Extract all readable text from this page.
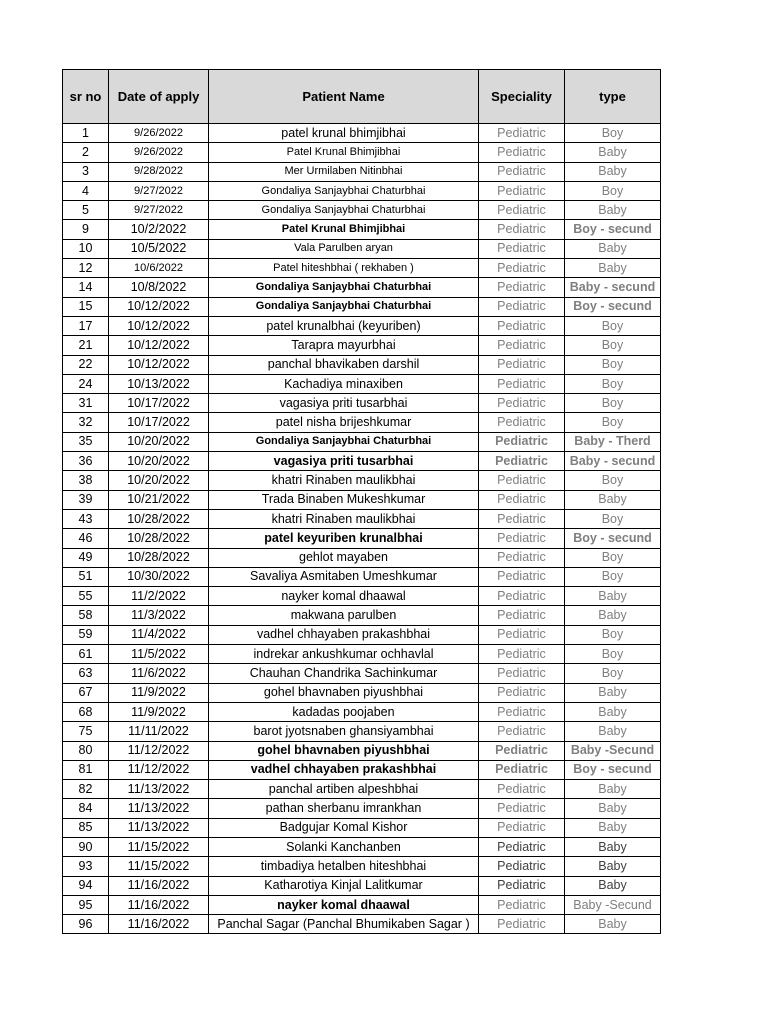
sr no	Date of apply	Patient Name	Speciality	type
1	9/26/2022	patel krunal bhimjibhai	Pediatric	Boy
2	9/26/2022	Patel Krunal Bhimjibhai	Pediatric	Baby
3	9/28/2022	Mer Urmilaben Nitinbhai	Pediatric	Baby
4	9/27/2022	Gondaliya Sanjaybhai Chaturbhai	Pediatric	Boy
5	9/27/2022	Gondaliya Sanjaybhai Chaturbhai	Pediatric	Baby
9	10/2/2022	Patel Krunal Bhimjibhai	Pediatric	Boy - secund
10	10/5/2022	Vala Parulben aryan	Pediatric	Baby
12	10/6/2022	Patel hiteshbhai ( rekhaben )	Pediatric	Baby
14	10/8/2022	Gondaliya Sanjaybhai Chaturbhai	Pediatric	Baby - secund
15	10/12/2022	Gondaliya Sanjaybhai Chaturbhai	Pediatric	Boy - secund
17	10/12/2022	patel krunalbhai (keyuriben)	Pediatric	Boy
21	10/12/2022	Tarapra mayurbhai	Pediatric	Boy
22	10/12/2022	panchal bhavikaben darshil	Pediatric	Boy
24	10/13/2022	Kachadiya minaxiben	Pediatric	Boy
31	10/17/2022	vagasiya priti tusarbhai	Pediatric	Boy
32	10/17/2022	patel nisha brijeshkumar	Pediatric	Boy
35	10/20/2022	Gondaliya Sanjaybhai Chaturbhai	Pediatric	Baby - Therd
36	10/20/2022	vagasiya priti tusarbhai	Pediatric	Baby - secund
38	10/20/2022	khatri Rinaben maulikbhai	Pediatric	Boy
39	10/21/2022	Trada Binaben Mukeshkumar	Pediatric	Baby
43	10/28/2022	khatri Rinaben maulikbhai	Pediatric	Boy
46	10/28/2022	patel keyuriben krunalbhai	Pediatric	Boy - secund
49	10/28/2022	gehlot mayaben	Pediatric	Boy
51	10/30/2022	Savaliya Asmitaben Umeshkumar	Pediatric	Boy
55	11/2/2022	nayker komal dhaawal	Pediatric	Baby
58	11/3/2022	makwana parulben	Pediatric	Baby
59	11/4/2022	vadhel chhayaben prakashbhai	Pediatric	Boy
61	11/5/2022	indrekar ankushkumar ochhavlal	Pediatric	Boy
63	11/6/2022	Chauhan Chandrika Sachinkumar	Pediatric	Boy
67	11/9/2022	gohel bhavnaben piyushbhai	Pediatric	Baby
68	11/9/2022	kadadas poojaben	Pediatric	Baby
75	11/11/2022	barot jyotsnaben ghansiyambhai	Pediatric	Baby
80	11/12/2022	gohel bhavnaben piyushbhai	Pediatric	Baby -Secund
81	11/12/2022	vadhel chhayaben prakashbhai	Pediatric	Boy - secund
82	11/13/2022	panchal artiben alpeshbhai	Pediatric	Baby
84	11/13/2022	pathan sherbanu imrankhan	Pediatric	Baby
85	11/13/2022	Badgujar Komal Kishor	Pediatric	Baby
90	11/15/2022	Solanki Kanchanben	Pediatric	Baby
93	11/15/2022	timbadiya hetalben hiteshbhai	Pediatric	Baby
94	11/16/2022	Katharotiya Kinjal Lalitkumar	Pediatric	Baby
95	11/16/2022	nayker komal dhaawal	Pediatric	Baby -Secund
96	11/16/2022	Panchal Sagar (Panchal Bhumikaben Sagar )	Pediatric	Baby
